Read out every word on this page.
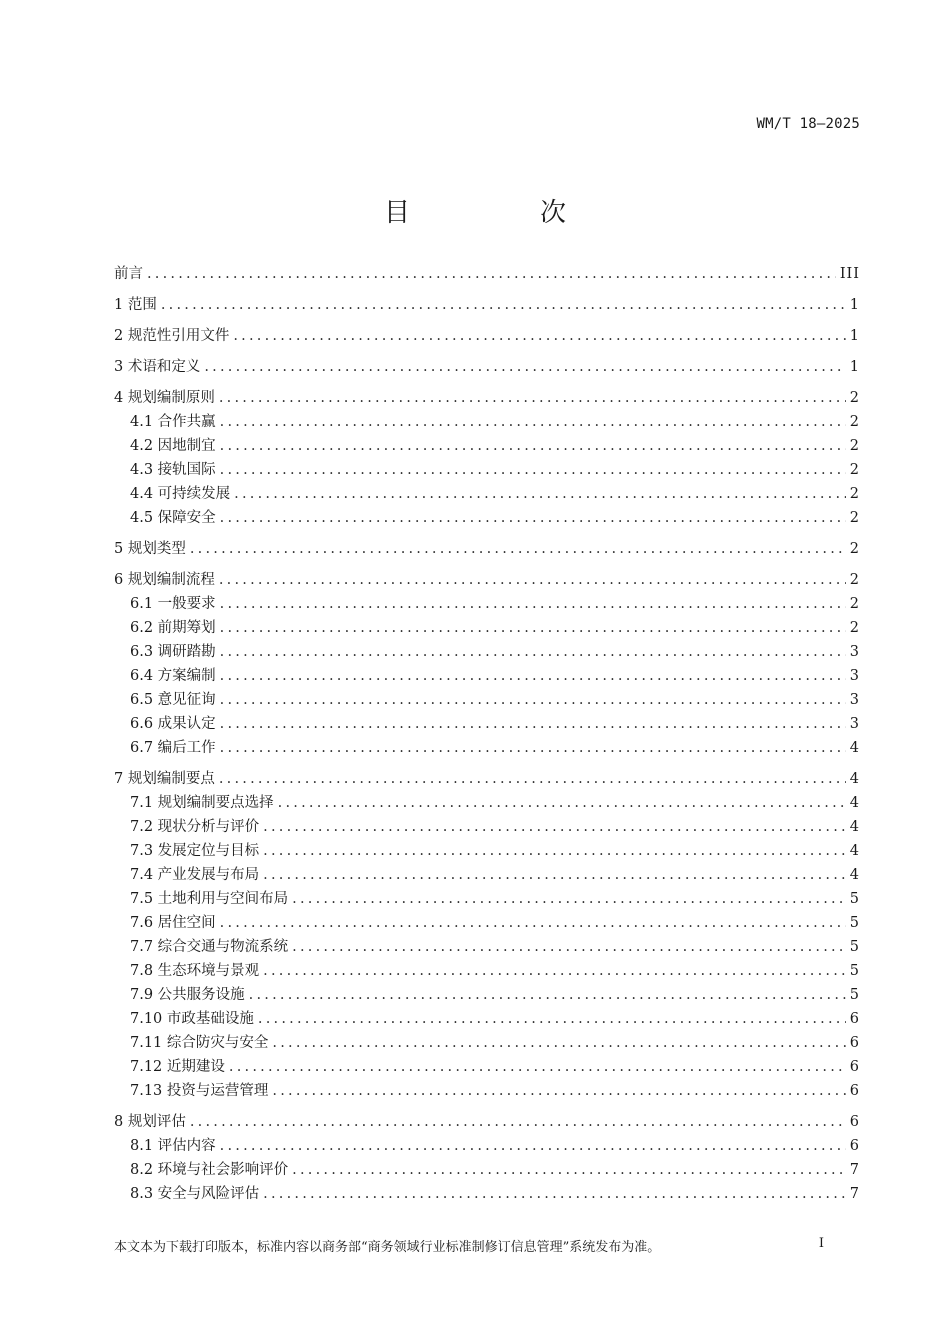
WM/T 18—2025
目　次
前言 .....	III
1 范围 .....	1
2 规范性引用文件 .....	1
3 术语和定义 .....	1
4 规划编制原则 .....	2
4.1 合作共赢 .....	2
4.2 因地制宜 .....	2
4.3 接轨国际 .....	2
4.4 可持续发展 .....	2
4.5 保障安全 .....	2
5 规划类型 .....	2
6 规划编制流程 .....	2
6.1 一般要求 .....	2
6.2 前期筹划 .....	2
6.3 调研踏勘 .....	3
6.4 方案编制 .....	3
6.5 意见征询 .....	3
6.6 成果认定 .....	3
6.7 编后工作 .....	4
7 规划编制要点 .....	4
7.1 规划编制要点选择 .....	4
7.2 现状分析与评价 .....	4
7.3 发展定位与目标 .....	4
7.4 产业发展与布局 .....	4
7.5 土地利用与空间布局 .....	5
7.6 居住空间 .....	5
7.7 综合交通与物流系统 .....	5
7.8 生态环境与景观 .....	5
7.9 公共服务设施 .....	5
7.10 市政基础设施 .....	6
7.11 综合防灾与安全 .....	6
7.12 近期建设 .....	6
7.13 投资与运营管理 .....	6
8 规划评估 .....	6
8.1 评估内容 .....	6
8.2 环境与社会影响评价 .....	7
8.3 安全与风险评估 .....	7
本文本为下载打印版本，标准内容以商务部“商务领域行业标准制修订信息管理”系统发布为准。	I
